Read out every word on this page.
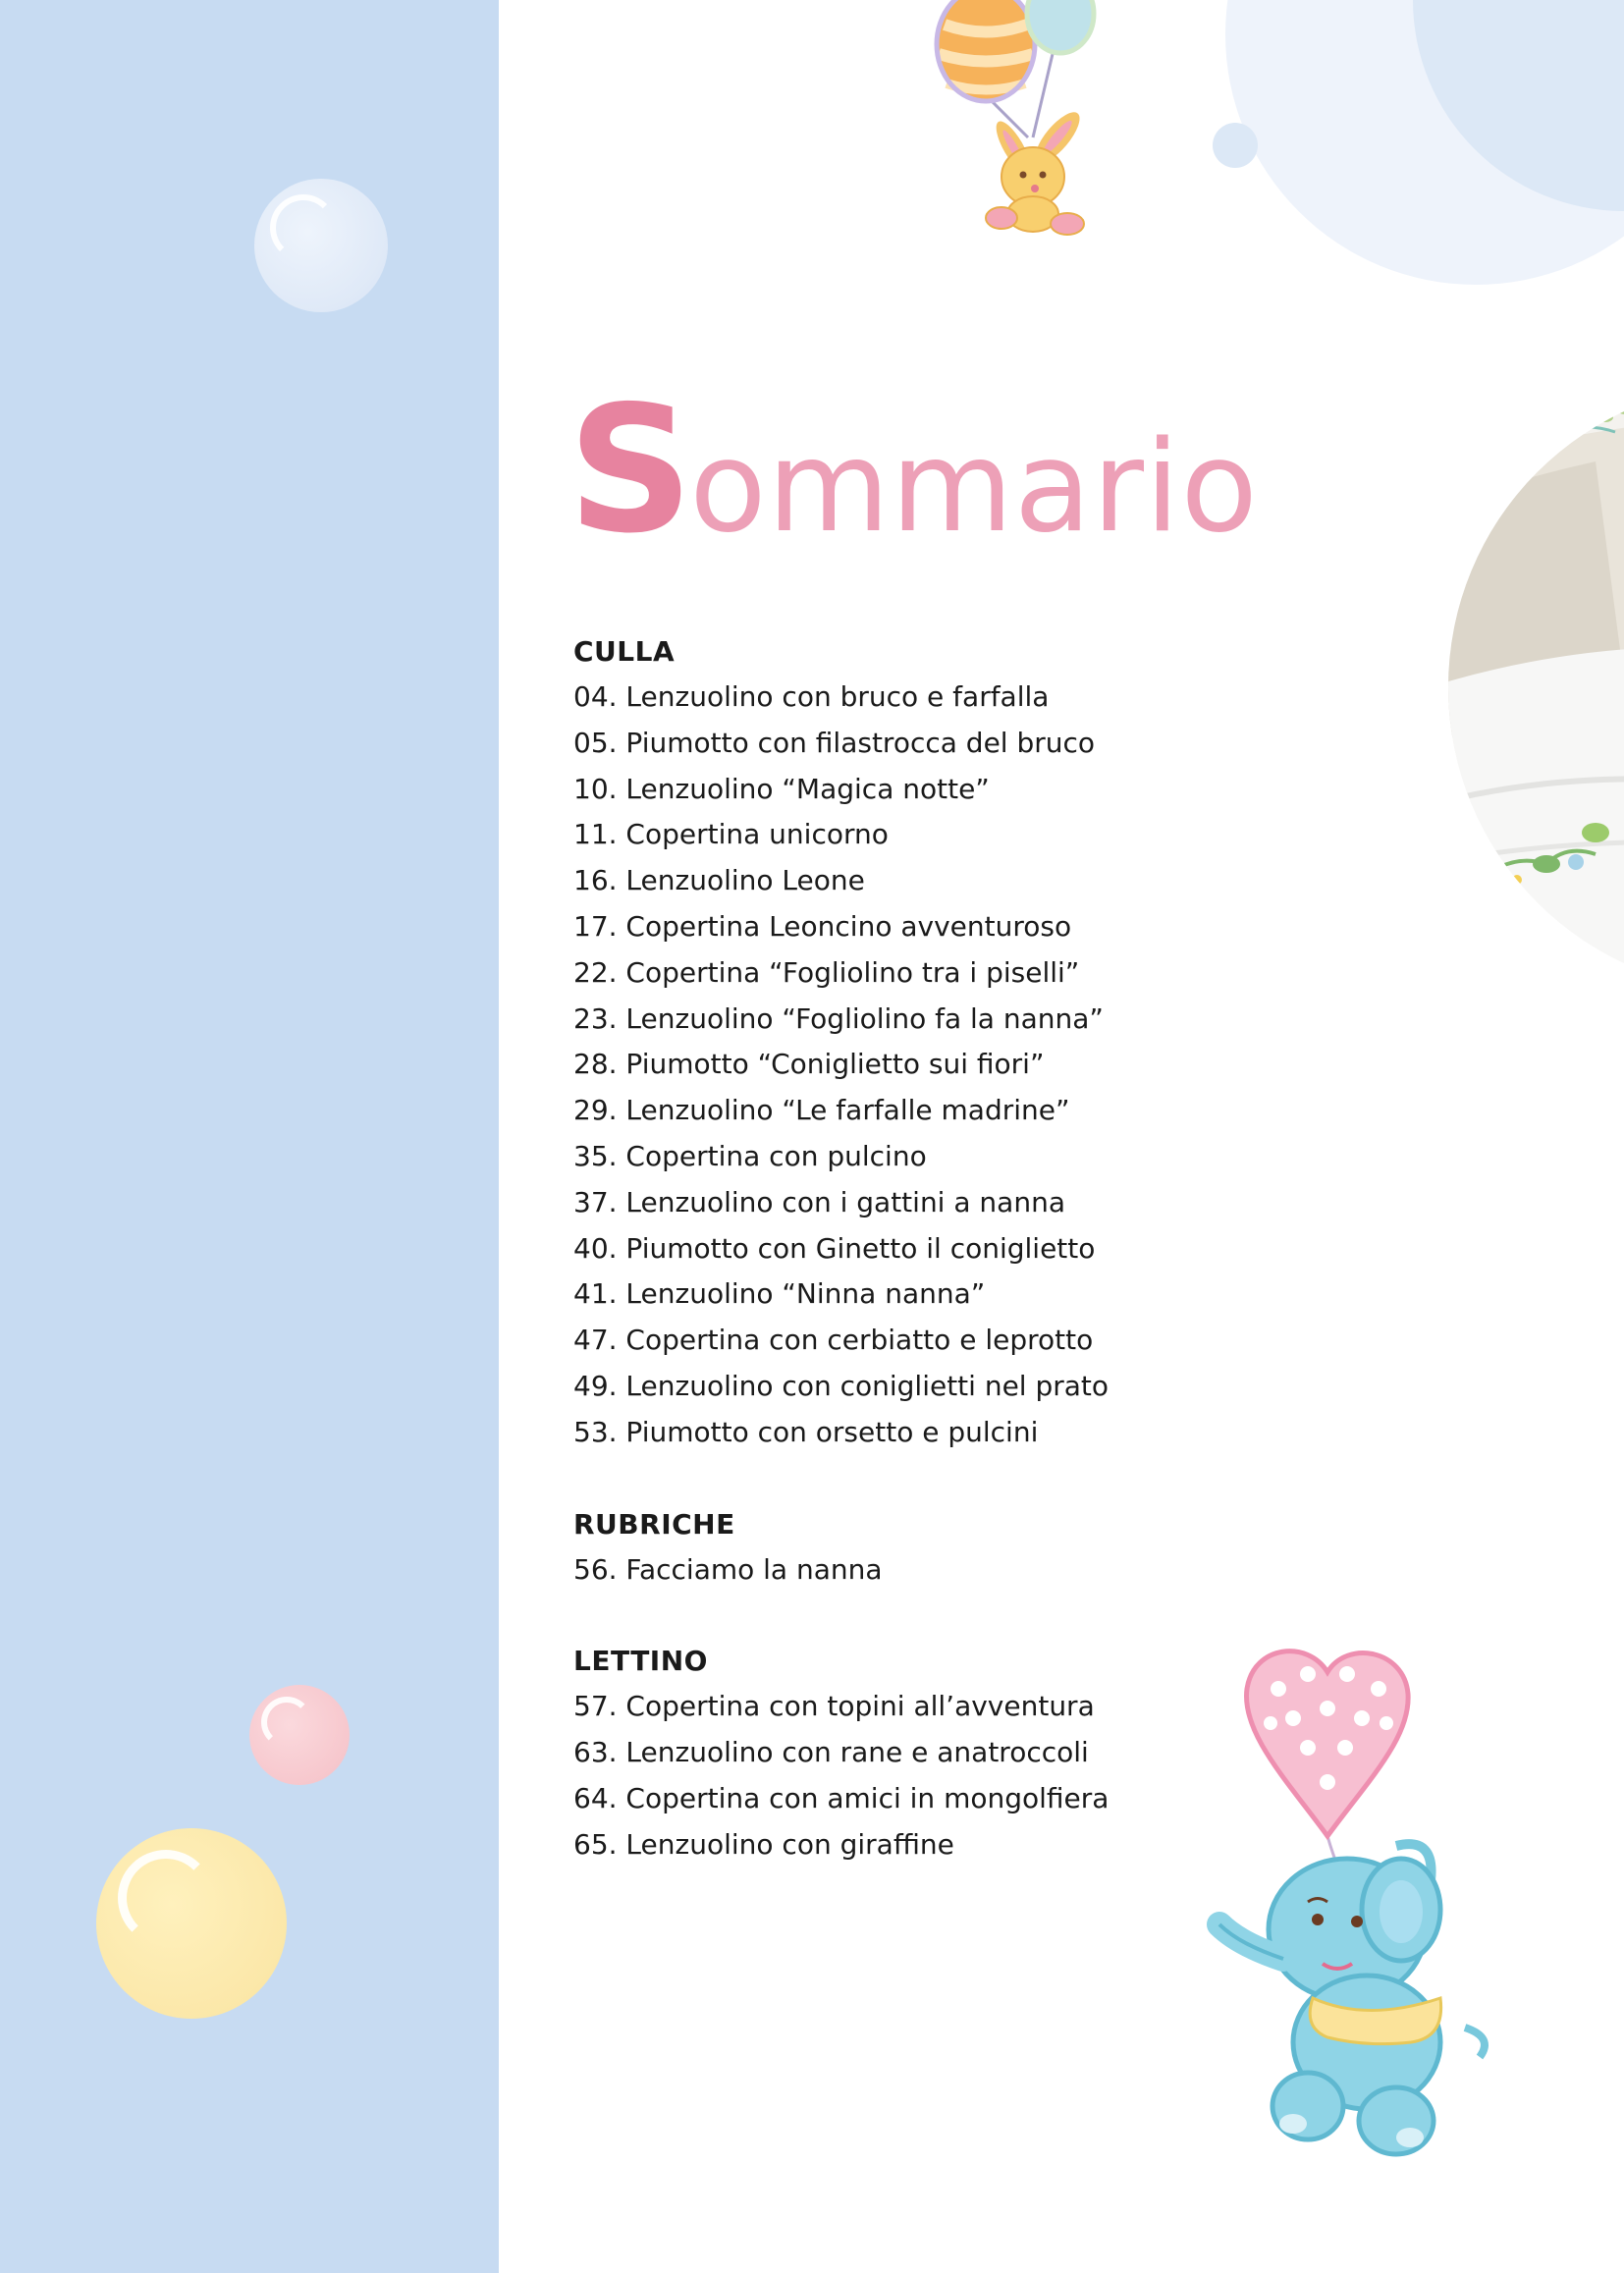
Sommario

CULLA

04. Lenzuolino con bruco e farfalla

05. Piumotto con filastrocca del bruco

10. Lenzuolino “Magica notte”

11. Copertina unicorno

16. Lenzuolino Leone

17. Copertina Leoncino avventuroso

22. Copertina “Fogliolino tra i piselli”

23. Lenzuolino “Fogliolino fa la nanna”

28. Piumotto “Coniglietto sui fiori”

29. Lenzuolino “Le farfalle madrine”

35. Copertina con pulcino

37. Lenzuolino con i gattini a nanna

40. Piumotto con Ginetto il coniglietto

41. Lenzuolino “Ninna nanna”

47. Copertina con cerbiatto e leprotto

49. Lenzuolino con coniglietti nel prato

53. Piumotto con orsetto e pulcini

RUBRICHE

56. Facciamo la nanna

LETTINO

57. Copertina con topini all’avventura

63. Lenzuolino con rane e anatroccoli

64. Copertina con amici in mongolfiera

65. Lenzuolino con giraffine
